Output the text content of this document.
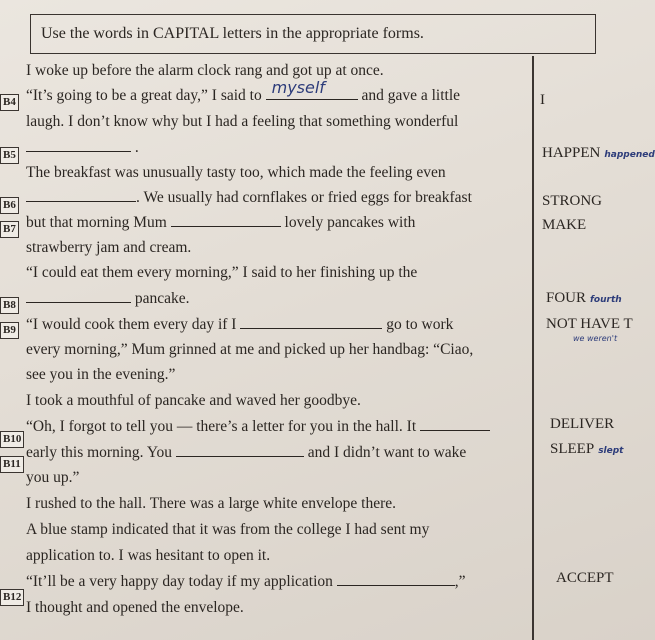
Use the words in CAPITAL letters in the appropriate forms.
B4
B5
B6
B7
B8
B9
B10
B11
B12
I woke up before the alarm clock rang and got up at once.
“It’s going to be a great day,” I said to myself and gave a little
laugh. I don’t know why but I had a feeling that something wonderful
.
The breakfast was unusually tasty too, which made the feeling even
. We usually had cornflakes or fried eggs for breakfast
but that morning Mum	lovely pancakes with
strawberry jam and cream.
“I could eat them every morning,” I said to her finishing up the
pancake.
“I would cook them every day if I	go to work
every morning,” Mum grinned at me and picked up her handbag: “Ciao,
see you in the evening.”
I took a mouthful of pancake and waved her goodbye.
“Oh, I forgot to tell you — there’s a letter for you in the hall. It
early this morning. You	and I didn’t want to wake
you up.”
I rushed to the hall. There was a large white envelope there.
A blue stamp indicated that it was from the college I had sent my
application to. I was hesitant to open it.
“It’ll be a very happy day today if my application	,”
I thought and opened the envelope.
I
HAPPEN happened
STRONG
MAKE
FOUR fourth
NOT HAVE T
we weren't
DELIVER
SLEEP slept
ACCEPT
